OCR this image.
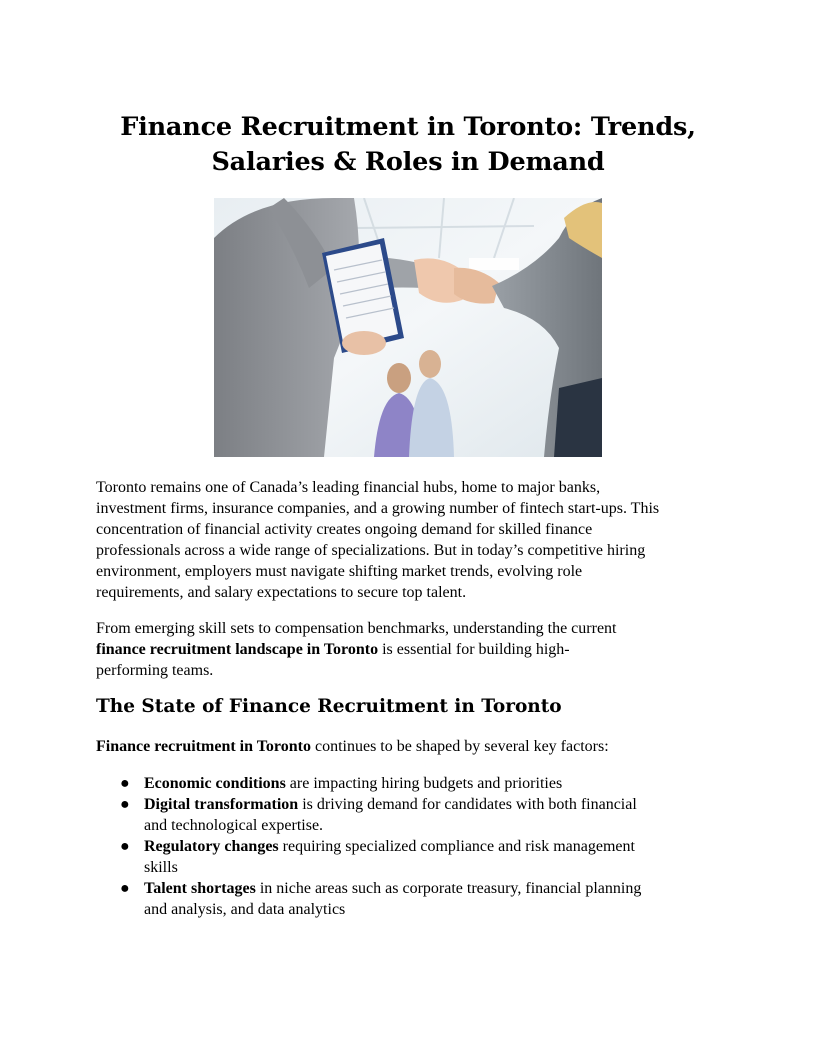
Finance Recruitment in Toronto: Trends,
Salaries & Roles in Demand

Toronto remains one of Canada’s leading financial hubs, home to major banks,
investment firms, insurance companies, and a growing number of fintech start-ups. This
concentration of financial activity creates ongoing demand for skilled finance
professionals across a wide range of specializations. But in today’s competitive hiring
environment, employers must navigate shifting market trends, evolving role
requirements, and salary expectations to secure top talent.

From emerging skill sets to compensation benchmarks, understanding the current
finance recruitment landscape in Toronto is essential for building high-
performing teams.

The State of Finance Recruitment in Toronto

Finance recruitment in Toronto continues to be shaped by several key factors:

● Economic conditions are impacting hiring budgets and priorities
● Digital transformation is driving demand for candidates with both financial
and technological expertise.
● Regulatory changes requiring specialized compliance and risk management
skills
● Talent shortages in niche areas such as corporate treasury, financial planning
and analysis, and data analytics
